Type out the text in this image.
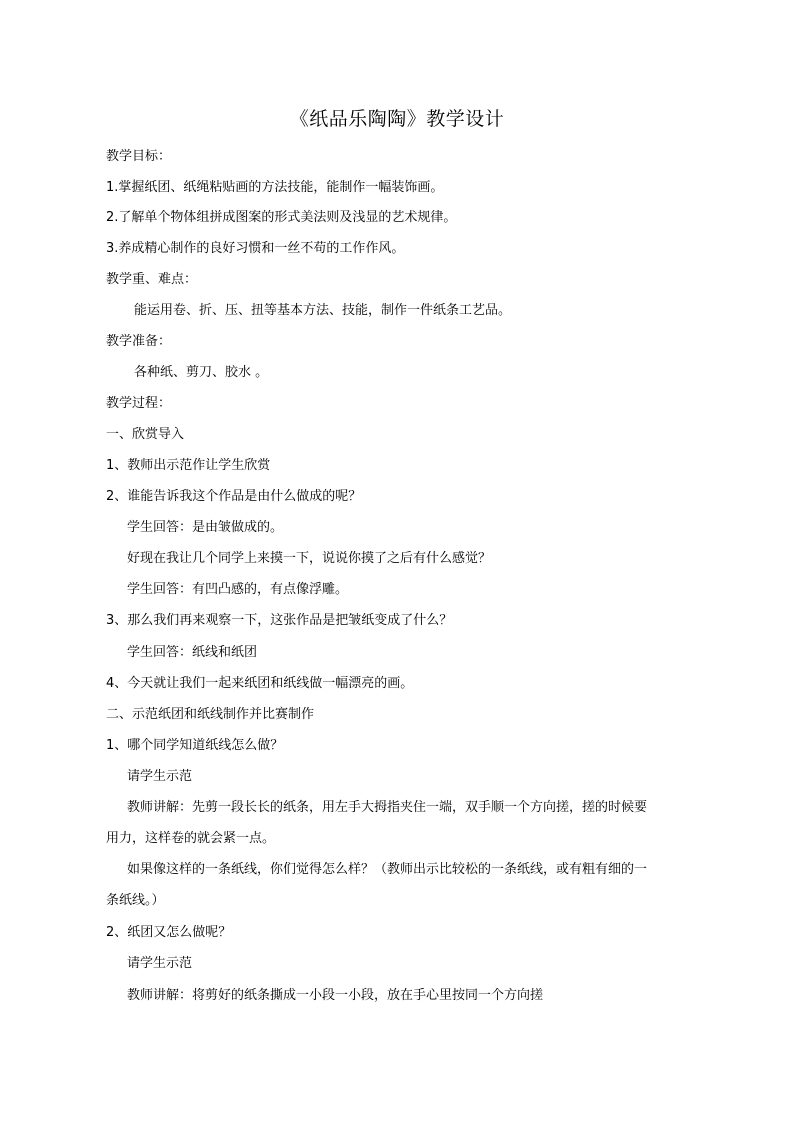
《纸品乐陶陶》教学设计
教学目标：
1.掌握纸团、纸绳粘贴画的方法技能，能制作一幅装饰画。
2.了解单个物体组拼成图案的形式美法则及浅显的艺术规律。
3.养成精心制作的良好习惯和一丝不苟的工作作风。
教学重、难点：
能运用卷、折、压、扭等基本方法、技能，制作一件纸条工艺品。
教学准备：
各种纸、剪刀、胶水 。
教学过程：
一、欣赏导入
1、教师出示范作让学生欣赏
2、谁能告诉我这个作品是由什么做成的呢？
学生回答：是由皱做成的。
好现在我让几个同学上来摸一下，说说你摸了之后有什么感觉？
学生回答：有凹凸感的，有点像浮雕。
3、那么我们再来观察一下，这张作品是把皱纸变成了什么？
学生回答：纸线和纸团
4、今天就让我们一起来纸团和纸线做一幅漂亮的画。
二、示范纸团和纸线制作并比赛制作
1、哪个同学知道纸线怎么做？
请学生示范
教师讲解：先剪一段长长的纸条，用左手大拇指夹住一端，双手顺一个方向搓，搓的时候要
用力，这样卷的就会紧一点。
如果像这样的一条纸线，你们觉得怎么样？（教师出示比较松的一条纸线，或有粗有细的一
条纸线。）
2、纸团又怎么做呢？
请学生示范
教师讲解：将剪好的纸条撕成一小段一小段，放在手心里按同一个方向搓
